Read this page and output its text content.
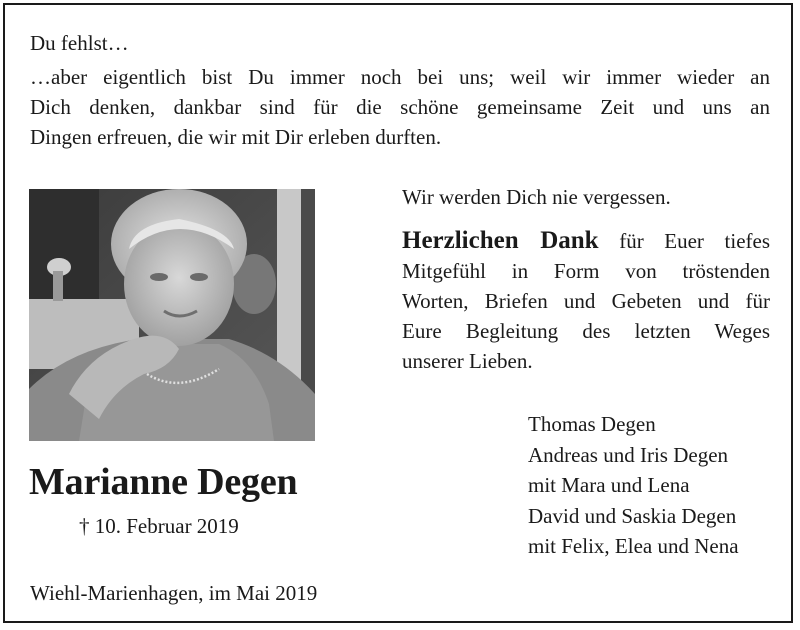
Du fehlst…
…aber eigentlich bist Du immer noch bei uns; weil wir immer wieder an
Dich denken, dankbar sind für die schöne gemeinsame Zeit und uns an
Dingen erfreuen, die wir mit Dir erleben durften.
Marianne Degen
† 10. Februar 2019
Wir werden Dich nie vergessen.
Herzlichen Dank für Euer tiefes
Mitgefühl in Form von tröstenden
Worten, Briefen und Gebeten und für
Eure Begleitung des letzten Weges
unserer Lieben.
Thomas Degen
Andreas und Iris Degen
mit Mara und Lena
David und Saskia Degen
mit Felix, Elea und Nena
Wiehl-Marienhagen, im Mai 2019
